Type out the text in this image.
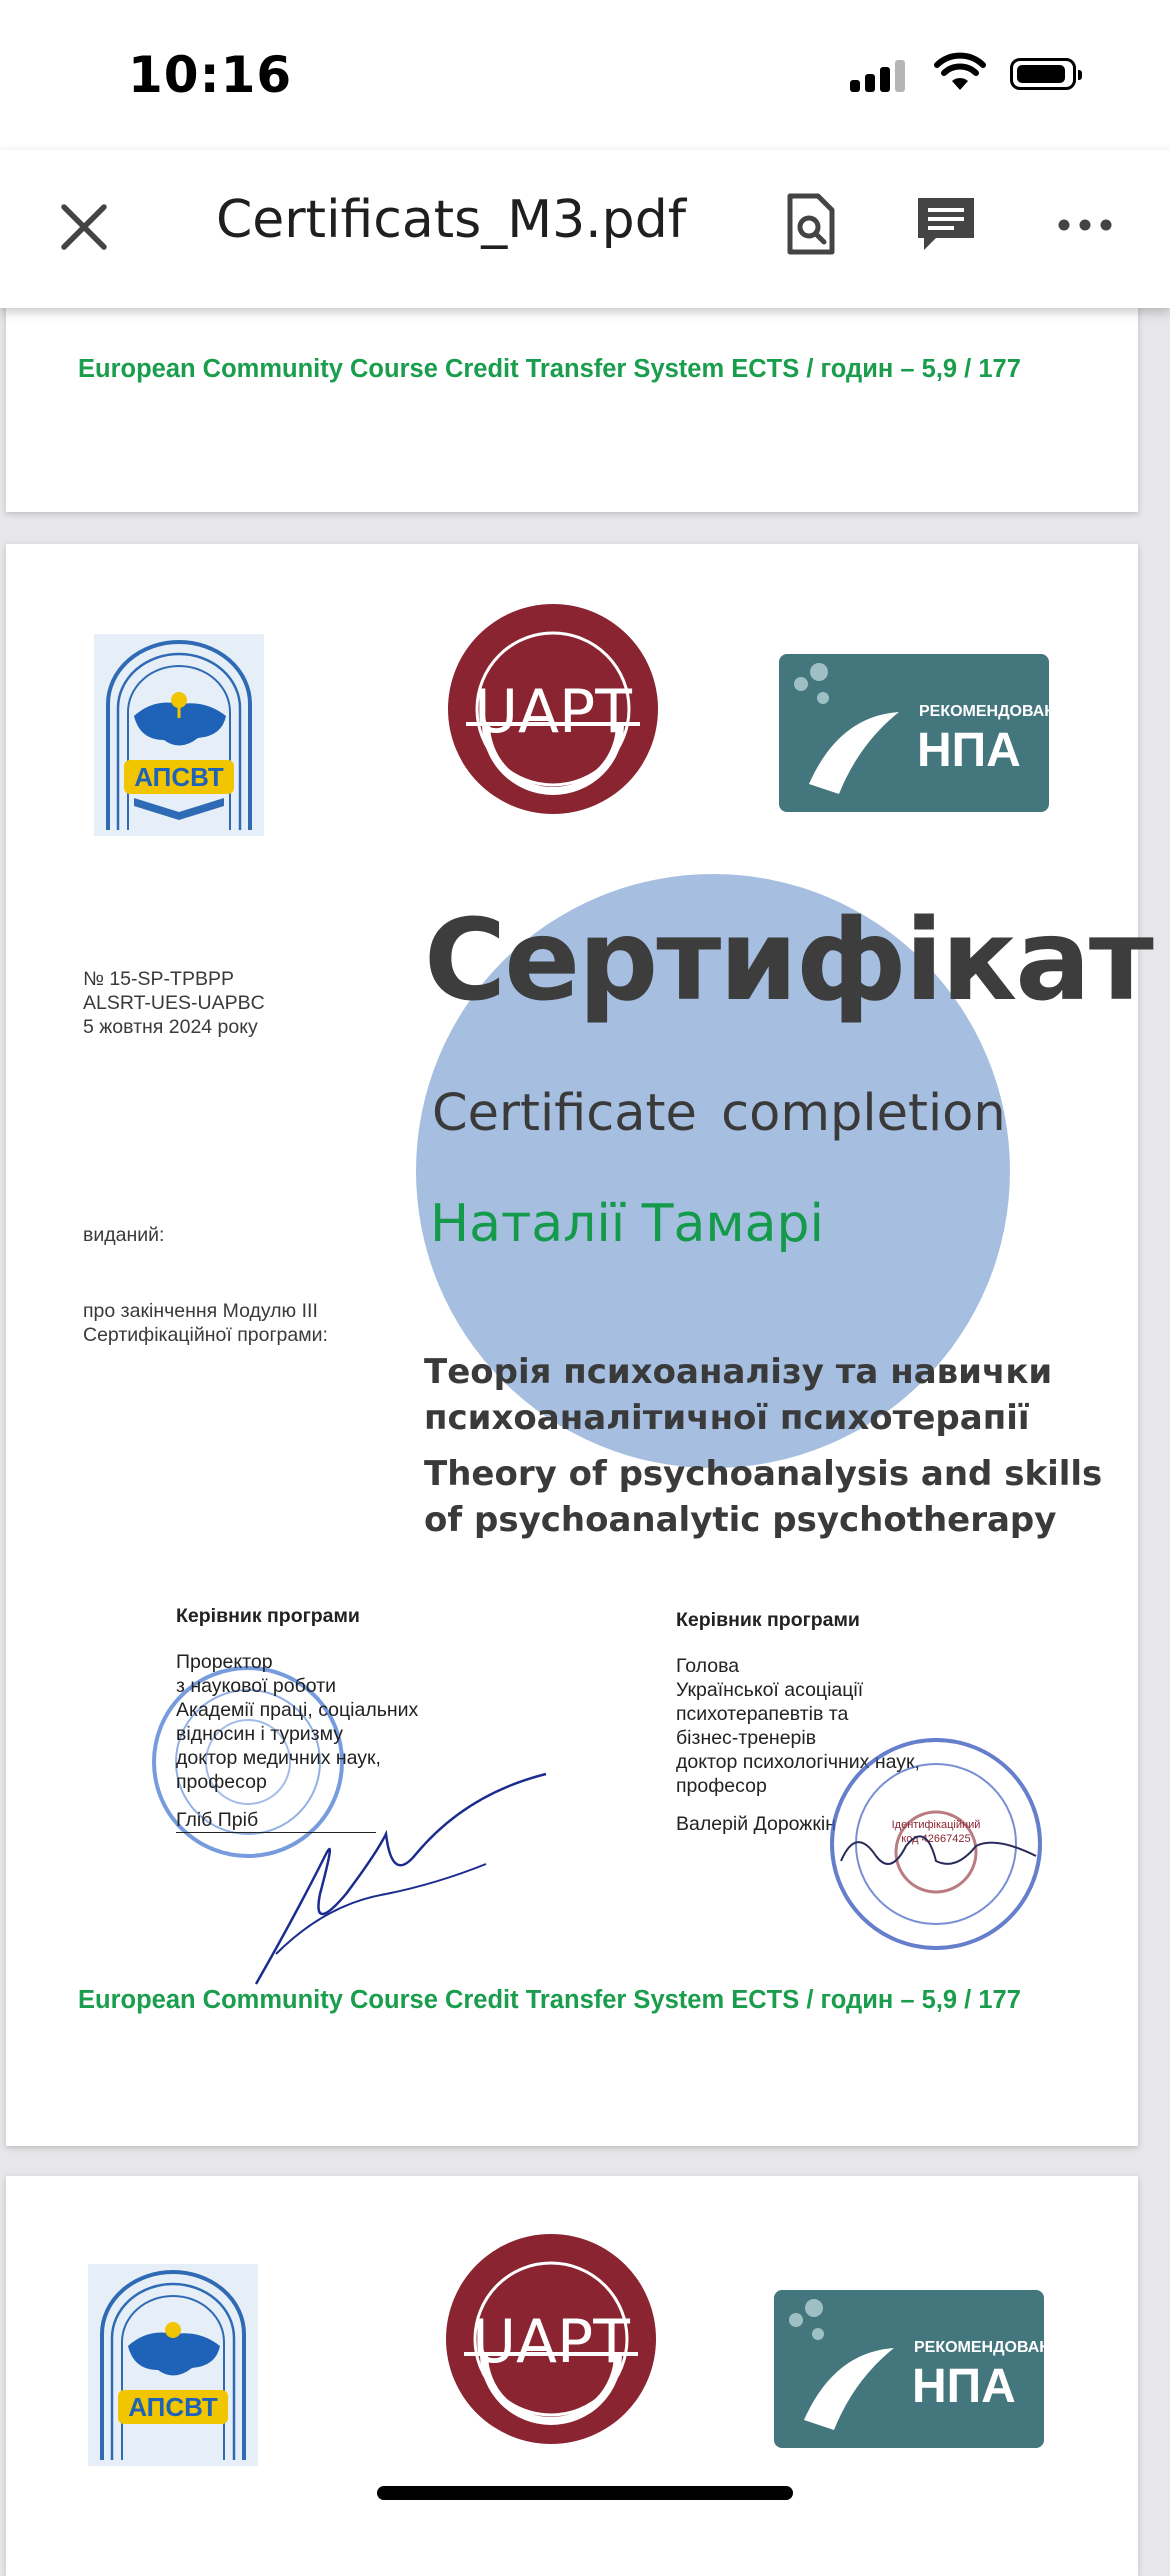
10:16
Certificats_M3.pdf
European Community Course Credit Transfer System ECTS / годин – 5,9 / 177
АПСВТ
UАРТ	РЕКОМЕНДОВАНО
НПА
№ 15-SP-TPBPP
ALSRT-UES-UAPBC
5 жовтня 2024 року
Сертифікат
Certificate completion
виданий:	Наталії Тамарі
про закінчення Модулю III Сертифікаційної програми:
Теорія психоаналізу та навички
психоаналітичної психотерапії
Theory of psychoanalysis and skills
of psychoanalytic psychotherapy
Керівник програми
Проректор
з наукової роботи
Академії праці, соціальних
відносин і туризму
доктор медичних наук,
професор
Гліб Пріб
Керівник програми
Голова
Української асоціації
психотерапевтів та
бізнес-тренерів
доктор психологічних наук,
професор
Валерій Дорожкін	Ідентифікаційний
код 42667425
European Community Course Credit Transfer System ECTS / годин – 5,9 / 177
АПСВТ
UАРТ	РЕКОМЕНДОВАНО
НПА
